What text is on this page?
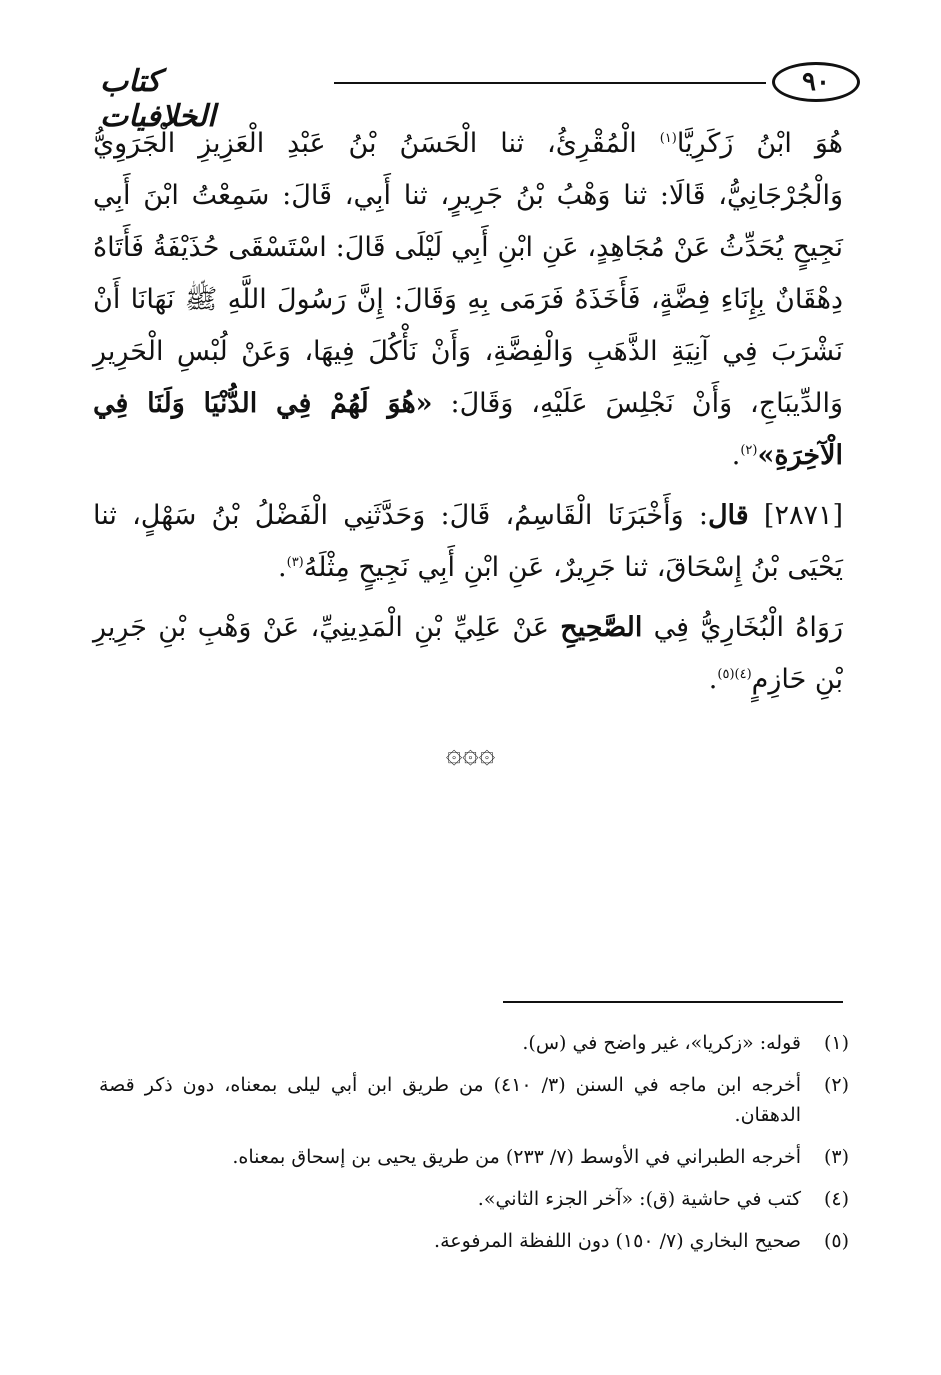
كتاب الخلافيات
٩٠

هُوَ ابْنُ زَكَرِيَّا$^{(١)}$ الْمُقْرِئُ، ثنا الْحَسَنُ بْنُ عَبْدِ الْعَزِيزِ الْجَرَوِيُّ وَالْجُرْجَانِيُّ، قَالَا: ثنا وَهْبُ بْنُ جَرِيرٍ، ثنا أَبِي، قَالَ: سَمِعْتُ ابْنَ أَبِي نَجِيحٍ يُحَدِّثُ عَنْ مُجَاهِدٍ، عَنِ ابْنِ أَبِي لَيْلَى قَالَ: اسْتَسْقَى حُذَيْفَةُ فَأَتَاهُ دِهْقَانٌ بِإِنَاءِ فِضَّةٍ، فَأَخَذَهُ فَرَمَى بِهِ وَقَالَ: إِنَّ رَسُولَ اللَّهِ ﷺ نَهَانَا أَنْ نَشْرَبَ فِي آنِيَةِ الذَّهَبِ وَالْفِضَّةِ، وَأَنْ نَأْكُلَ فِيهَا، وَعَنْ لُبْسِ الْحَرِيرِ وَالدِّيبَاجِ، وَأَنْ نَجْلِسَ عَلَيْهِ، وَقَالَ: «هُوَ لَهُمْ فِي الدُّنْيَا وَلَنَا فِي الْآخِرَةِ»$^{(٢)}$.

[٢٨٧١] قال: وَأَخْبَرَنَا الْقَاسِمُ، قَالَ: وَحَدَّثَنِي الْفَضْلُ بْنُ سَهْلٍ، ثنا يَحْيَى بْنُ إِسْحَاقَ، ثنا جَرِيرٌ، عَنِ ابْنِ أَبِي نَجِيحٍ مِثْلَهُ$^{(٣)}$.

رَوَاهُ الْبُخَارِيُّ فِي الصَّحِيحِ عَنْ عَلِيِّ بْنِ الْمَدِينِيِّ، عَنْ وَهْبِ بْنِ جَرِيرِ بْنِ حَازِمٍ$^{(٤)(٥)}$.

۞۞۞
(١)
قوله: «زكريا»، غير واضح في (س).
(٢)
أخرجه ابن ماجه في السنن (٣/ ٤١٠) من طريق ابن أبي ليلى بمعناه، دون ذكر قصة الدهقان.
(٣)
أخرجه الطبراني في الأوسط (٧/ ٢٣٣) من طريق يحيى بن إسحاق بمعناه.
(٤)
كتب في حاشية (ق): «آخر الجزء الثاني».
(٥)
صحيح البخاري (٧/ ١٥٠) دون اللفظة المرفوعة.
